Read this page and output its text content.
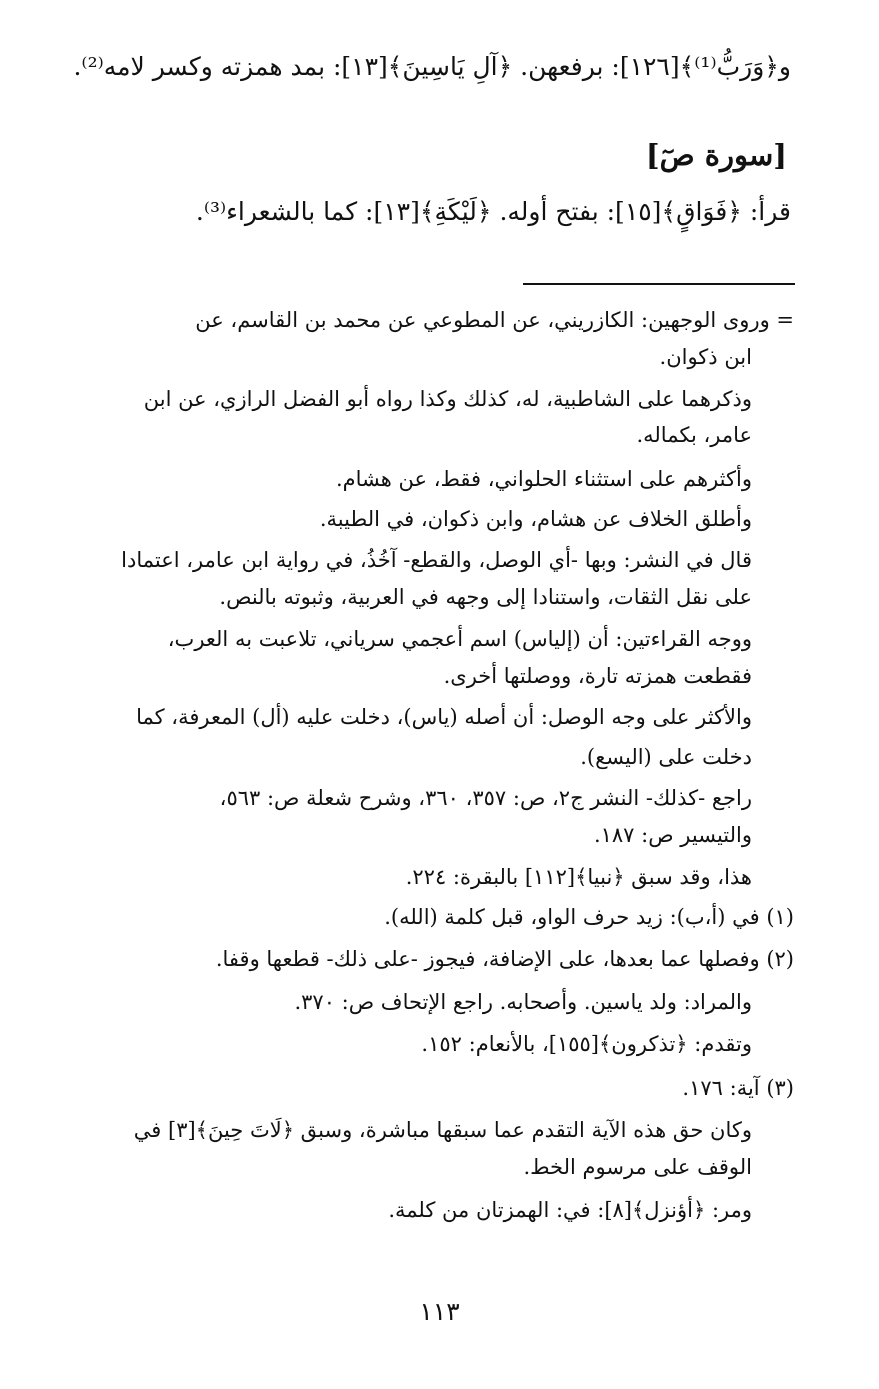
و﴿وَرَبُّ⁽¹⁾﴾[١٢٦]: برفعهن. ﴿آلِ يَاسِينَ﴾[١٣]: بمد همزته وكسر لامه⁽²⁾.
[سورة صٓ]
قرأ: ﴿فَوَاقٍ﴾[١٥]: بفتح أوله. ﴿لَيْكَةِ﴾[١٣]: كما بالشعراء⁽³⁾.
= وروى الوجهين: الكازريني، عن المطوعي عن محمد بن القاسم، عن
ابن ذكوان.
وذكرهما على الشاطبية، له، كذلك وكذا رواه أبو الفضل الرازي، عن ابن
عامر، بكماله.
وأكثرهم على استثناء الحلواني، فقط، عن هشام.
وأطلق الخلاف عن هشام، وابن ذكوان، في الطيبة.
قال في النشر: وبها -أي الوصل، والقطع- آخُذُ، في رواية ابن عامر، اعتمادا
على نقل الثقات، واستنادا إلى وجهه في العربية، وثبوته بالنص.
ووجه القراءتين: أن (إلياس) اسم أعجمي سرياني، تلاعبت به العرب،
فقطعت همزته تارة، ووصلتها أخرى.
والأكثر على وجه الوصل: أن أصله (ياس)، دخلت عليه (أل) المعرفة، كما
دخلت على (اليسع).
راجع -كذلك- النشر ج٢، ص: ٣٥٧، ٣٦٠، وشرح شعلة ص: ٥٦٣،
والتيسير ص: ١٨٧.
هذا، وقد سبق ﴿نبيا﴾[١١٢] بالبقرة: ٢٢٤.
(١) في (أ،ب): زيد حرف الواو، قبل كلمة (الله).
(٢) وفصلها عما بعدها، على الإضافة، فيجوز -على ذلك- قطعها وقفا.
والمراد: ولد ياسين. وأصحابه. راجع الإتحاف ص: ٣٧٠.
وتقدم: ﴿تذكرون﴾[١٥٥]، بالأنعام: ١٥٢.
(٣) آية: ١٧٦.
وكان حق هذه الآية التقدم عما سبقها مباشرة، وسبق ﴿لَاتَ حِينَ﴾[٣] في
الوقف على مرسوم الخط.
ومر: ﴿أؤنزل﴾[٨]: في: الهمزتان من كلمة.
١١٣
